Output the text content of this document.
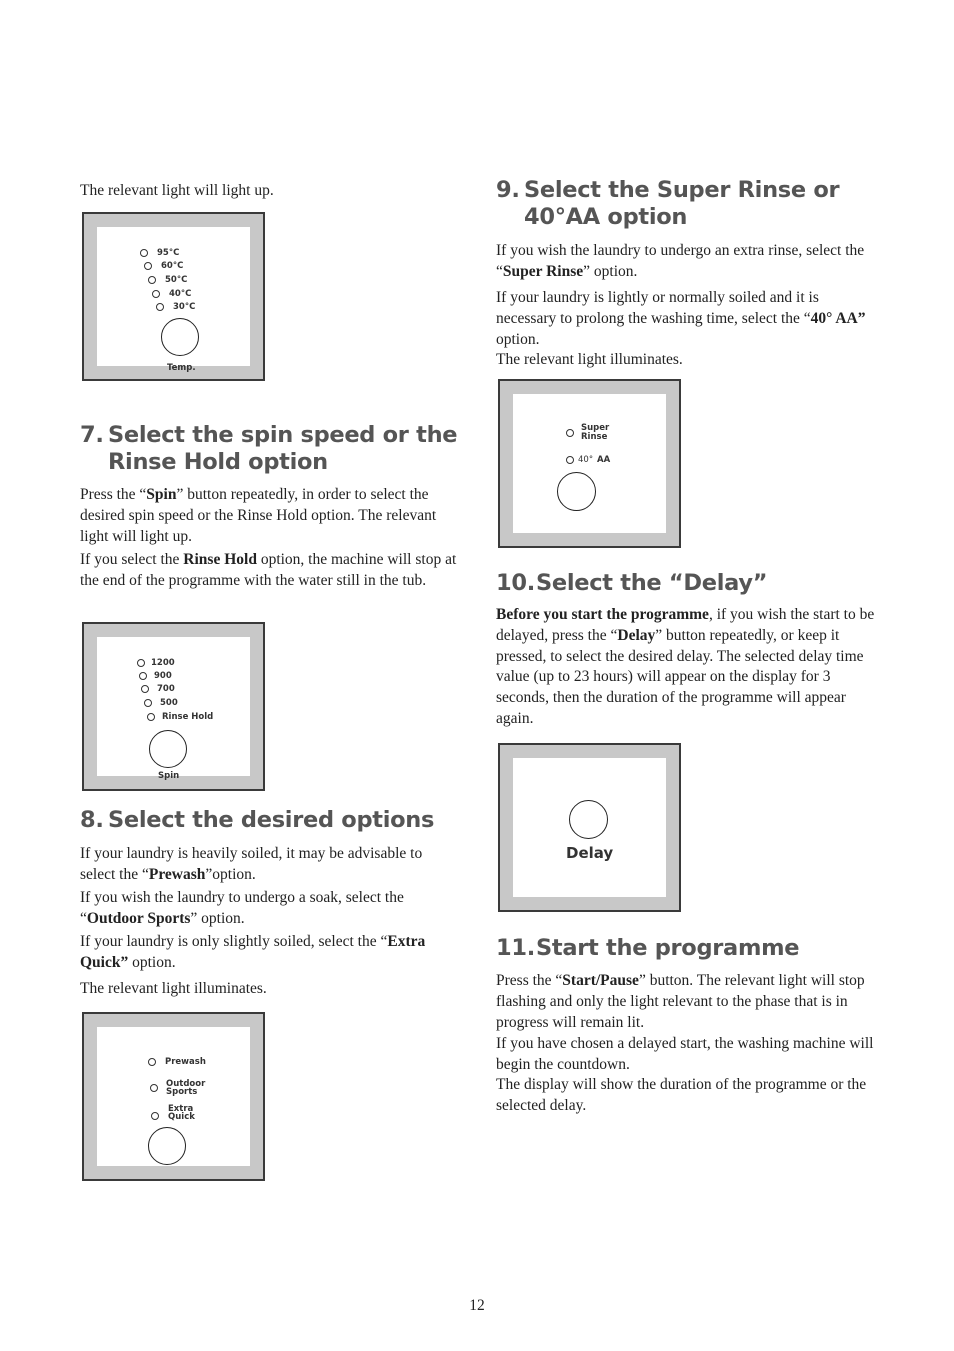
The relevant light will light up.

95°C
60°C
50°C
40°C
30°C
Temp.
7. Select the spin speed or the
Rinse Hold option

Press the “Spin” button repeatedly, in order to select the desired spin speed or the Rinse Hold option. The relevant light will light up.

If you select the Rinse Hold option, the machine will stop at the end of the programme with the water still in the tub.

1200
900
700
500
Rinse Hold
Spin
8. Select the desired options

If your laundry is heavily soiled, it may be advisable to select the “Prewash”option.

If you wish the laundry to undergo a soak, select the “Outdoor Sports” option.

If your laundry is only slightly soiled, select the “Extra Quick” option.

The relevant light illuminates.

Prewash
Outdoor
Sports
Extra
Quick
9. Select the Super Rinse or
40°AA option

If you wish the laundry to undergo an extra rinse, select the “Super Rinse” option.

If your laundry is lightly or normally soiled and it is necessary to prolong the washing time, select the “40° AA” option.

The relevant light illuminates.

Super
Rinse
40° AA
10.Select the “Delay”

Before you start the programme, if you wish the start to be delayed, press the “Delay” button repeatedly, or keep it pressed, to select the desired delay. The selected delay time value (up to 23 hours) will appear on the display for 3 seconds, then the duration of the programme will appear again.

Delay
11.Start the programme

Press the “Start/Pause” button. The relevant light will stop flashing and only the light relevant to the phase that is in progress will remain lit.

If you have chosen a delayed start, the washing machine will begin the countdown.

The display will show the duration of the programme or the selected delay.

12
